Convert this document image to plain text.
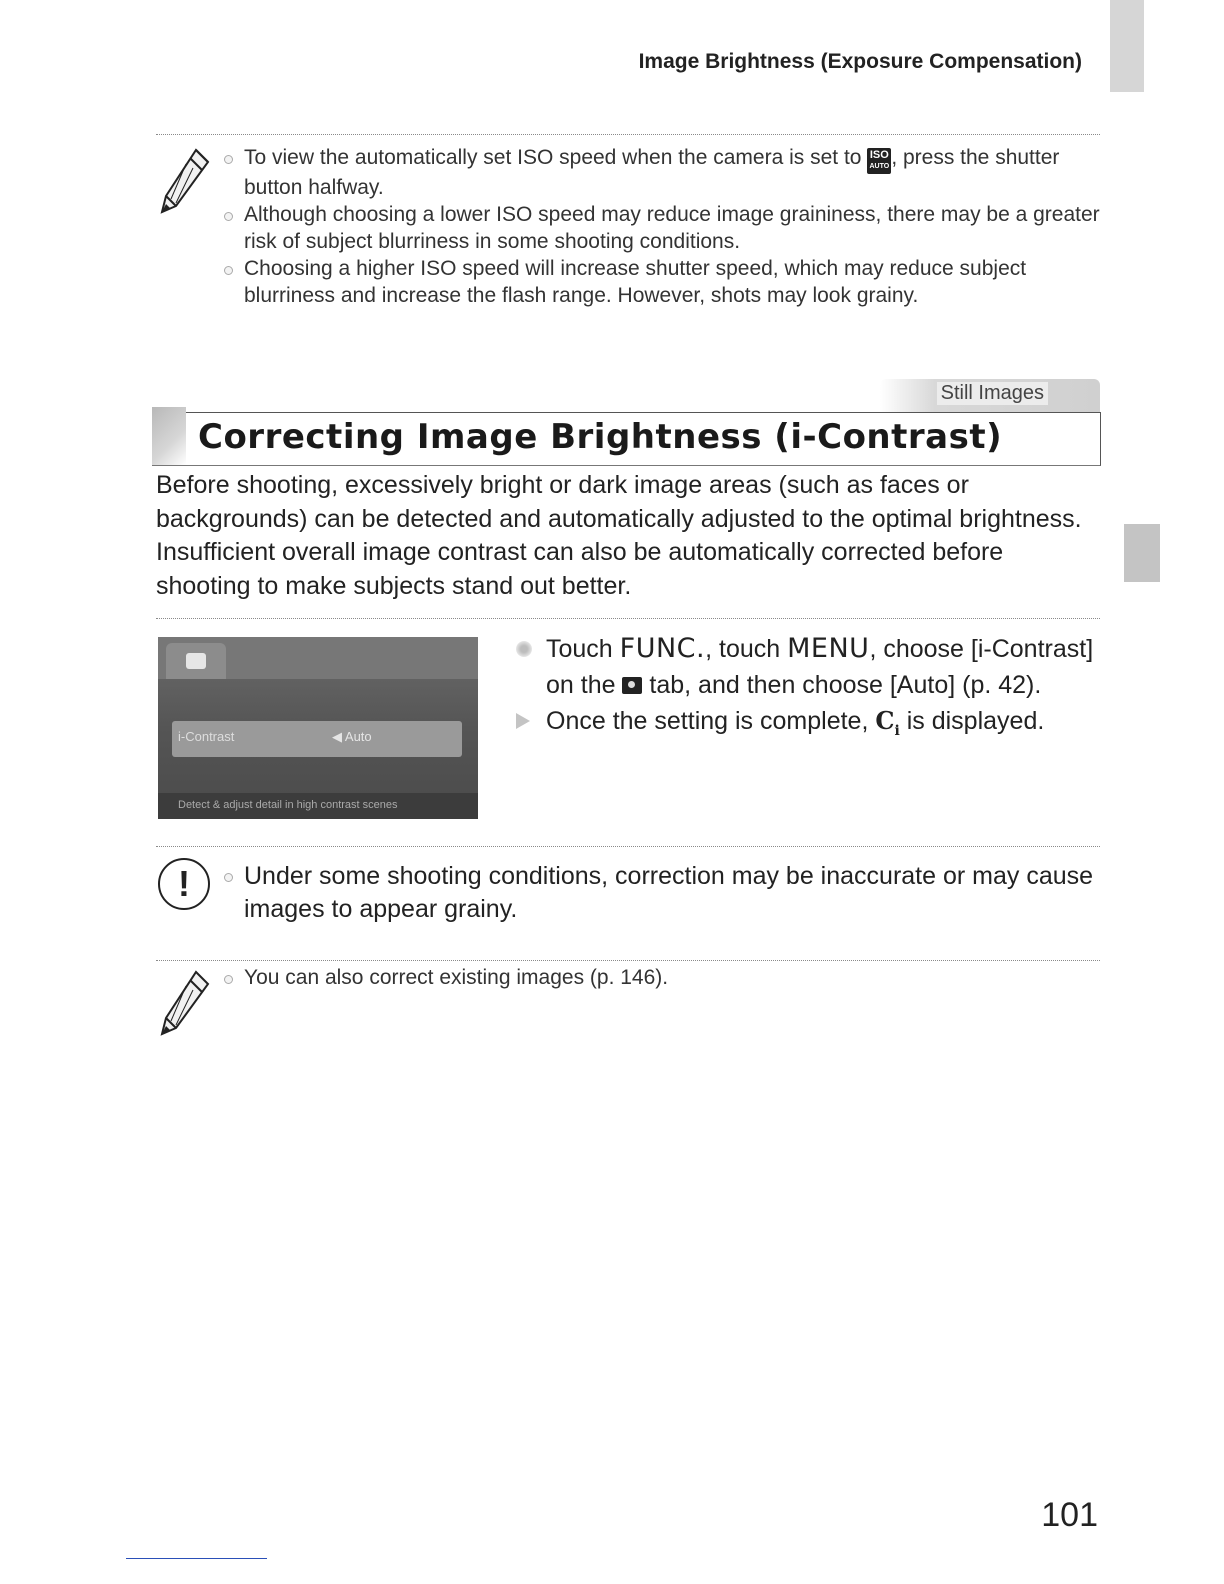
Image Brightness (Exposure Compensation)
To view the automatically set ISO speed when the camera is set to ISO
AUTO , press the shutter button halfway.
Although choosing a lower ISO speed may reduce image graininess, there may be a greater risk of subject blurriness in some shooting conditions.
Choosing a higher ISO speed will increase shutter speed, which may reduce subject blurriness and increase the flash range. However, shots may look grainy.
Still Images
Correcting Image Brightness (i-Contrast)
Before shooting, excessively bright or dark image areas (such as faces or backgrounds) can be detected and automatically adjusted to the optimal brightness. Insufficient overall image contrast can also be automatically corrected before shooting to make subjects stand out better.
i-Contrast	◀ Auto
Detect & adjust detail in high contrast scenes
Touch FUNC., touch MENU, choose [i-Contrast] on the  tab, and then choose [Auto] (p. 42).
Once the setting is complete, $C_i$ is displayed.
!	Under some shooting conditions, correction may be inaccurate or may cause images to appear grainy.
You can also correct existing images (p. 146).
101
